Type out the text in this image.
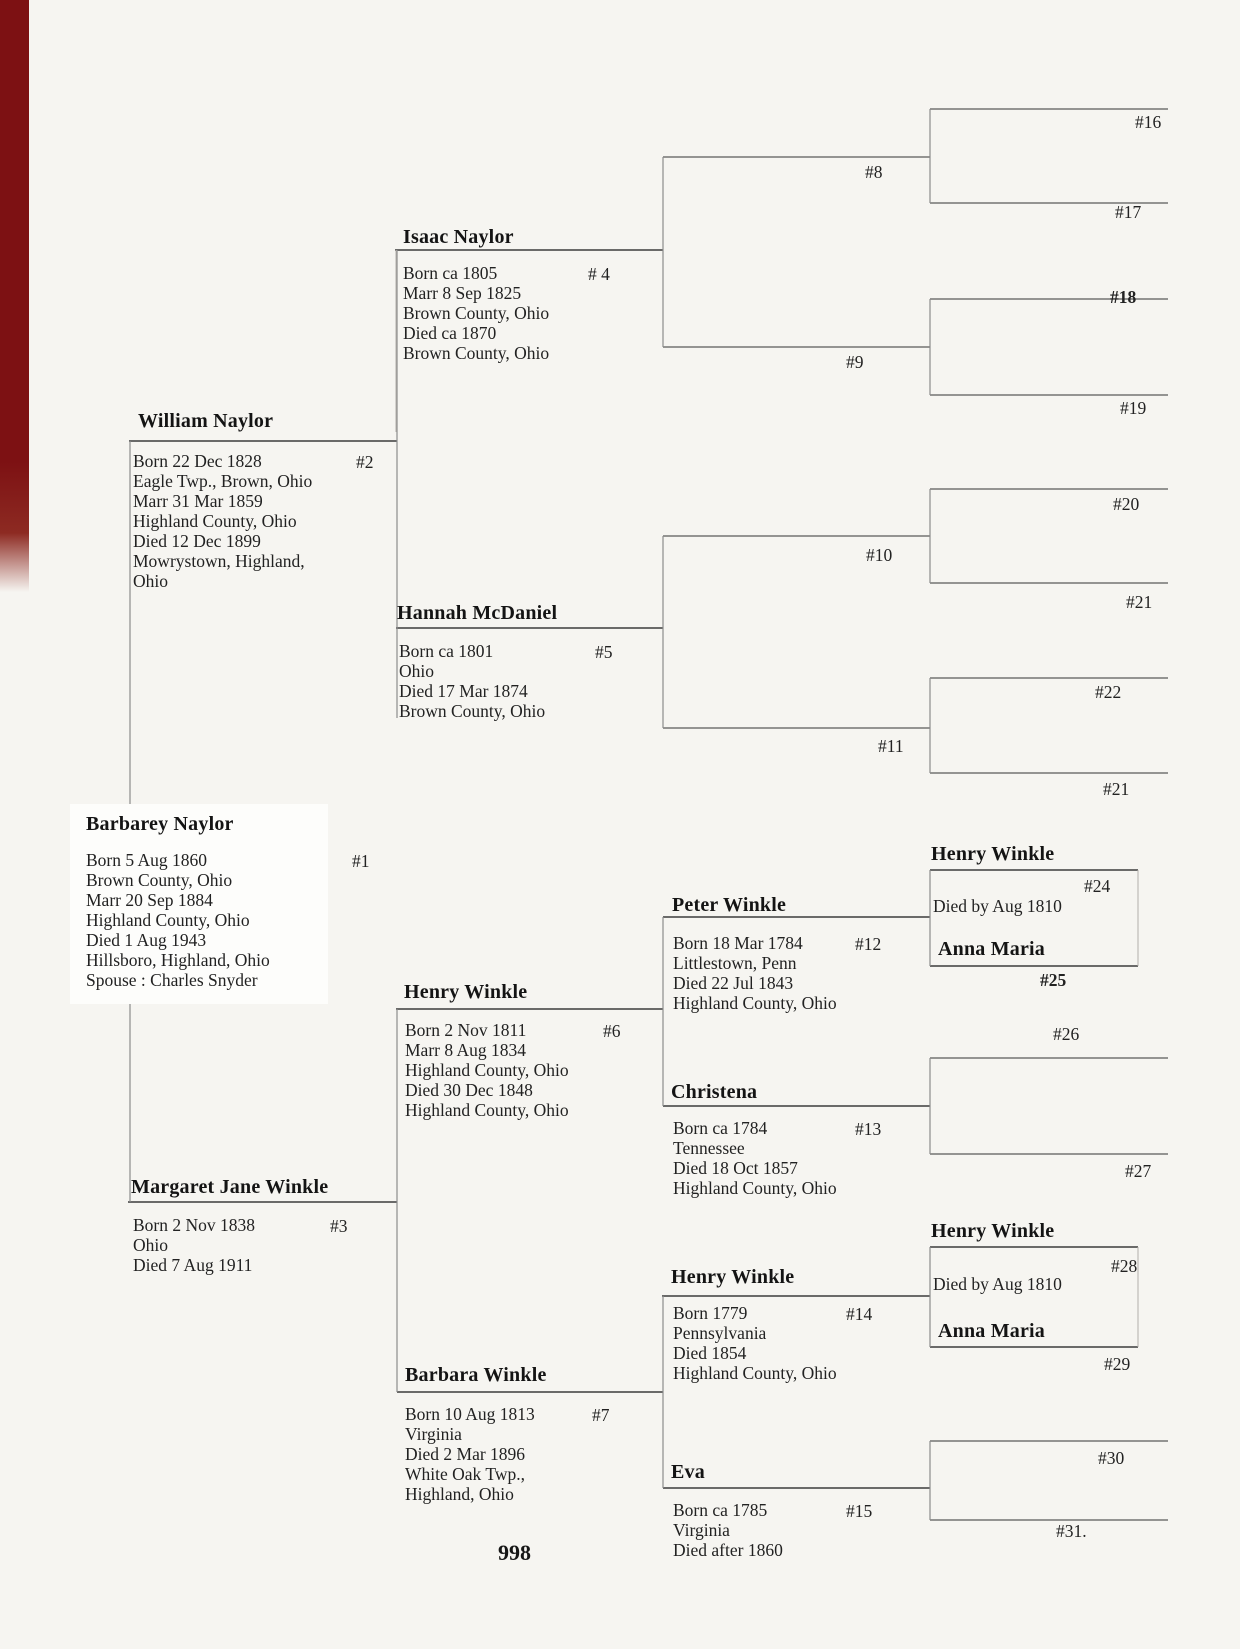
Barbarey Naylor
Born 5 Aug 1860
Brown County, Ohio
Marr 20 Sep 1884
Highland County, Ohio
Died 1 Aug 1943
Hillsboro, Highland, Ohio
Spouse : Charles Snyder
#1
William Naylor
Born 22 Dec 1828
Eagle Twp., Brown, Ohio
Marr 31 Mar 1859
Highland County, Ohio
Died 12 Dec 1899
Mowrystown, Highland,
Ohio
#2
Margaret Jane Winkle
Born 2 Nov 1838
Ohio
Died 7 Aug 1911
#3
Isaac Naylor
Born ca 1805
Marr 8 Sep 1825
Brown County, Ohio
Died ca 1870
Brown County, Ohio
# 4
Hannah McDaniel
Born ca 1801
Ohio
Died 17 Mar 1874
Brown County, Ohio
#5
Henry Winkle
Born 2 Nov 1811
Marr 8 Aug 1834
Highland County, Ohio
Died 30 Dec 1848
Highland County, Ohio
#6
Barbara Winkle
Born 10 Aug 1813
Virginia
Died 2 Mar 1896
White Oak Twp.,
Highland, Ohio
#7
Peter Winkle
Born 18 Mar 1784
Littlestown, Penn
Died 22 Jul 1843
Highland County, Ohio
#12
Christena
Born ca 1784
Tennessee
Died 18 Oct 1857
Highland County, Ohio
#13
Henry Winkle
Born 1779
Pennsylvania
Died 1854
Highland County, Ohio
#14
Eva
Born ca 1785
Virginia
Died after 1860
#15
Henry Winkle
#24
Died by Aug 1810
Anna Maria
#25
Henry Winkle
#28
Died by Aug 1810
Anna Maria
#29
#8
#9
#10
#11
#16
#17
#18
#19
#20
#21
#22
#21
#26
#27
#30
#31.
998
